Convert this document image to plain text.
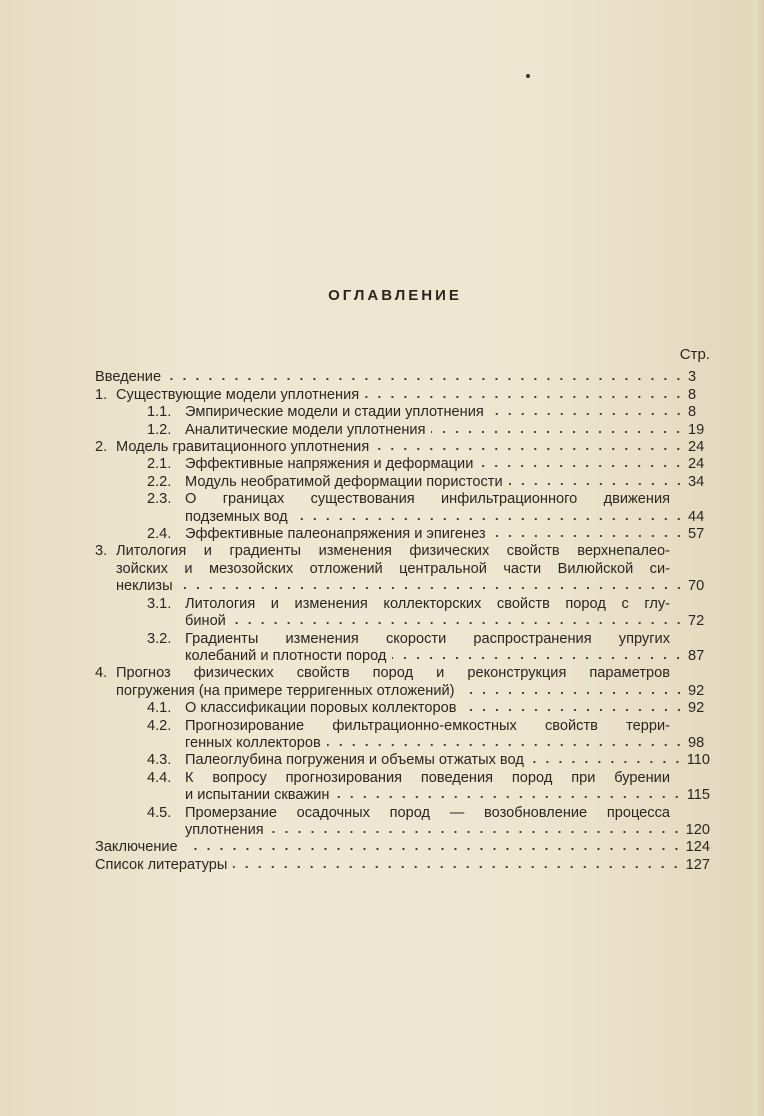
ОГЛАВЛЕНИЕ
Стр.
Введение	3
1. Существующие модели уплотнения	8
1.1. Эмпирические модели и стадии уплотнения	8
1.2. Аналитические модели уплотнения	19
2. Модель гравитационного уплотнения	24
2.1. Эффективные напряжения и деформации	24
2.2. Модуль необратимой деформации пористости	34
2.3. О границах существования инфильтрационного движения
подземных вод	44
2.4. Эффективные палеонапряжения и эпигенез	57
3. Литология и градиенты изменения физических свойств верхнепалео-
зойских и мезозойских отложений центральной части Вилюйской си-
неклизы	70
3.1. Литология и изменения коллекторских свойств пород с глу-
биной	72
3.2. Градиенты изменения скорости распространения упругих
колебаний и плотности пород	87
4. Прогноз физических свойств пород и реконструкция параметров
погружения (на примере терригенных отложений)	92
4.1. О классификации поровых коллекторов	92
4.2. Прогнозирование фильтрационно-емкостных свойств терри-
генных коллекторов	98
4.3. Палеоглубина погружения и объемы отжатых вод	110
4.4. К вопросу прогнозирования поведения пород при бурении
и испытании скважин	115
4.5. Промерзание осадочных пород — возобновление процесса
уплотнения	120
Заключение	124
Список литературы	127
